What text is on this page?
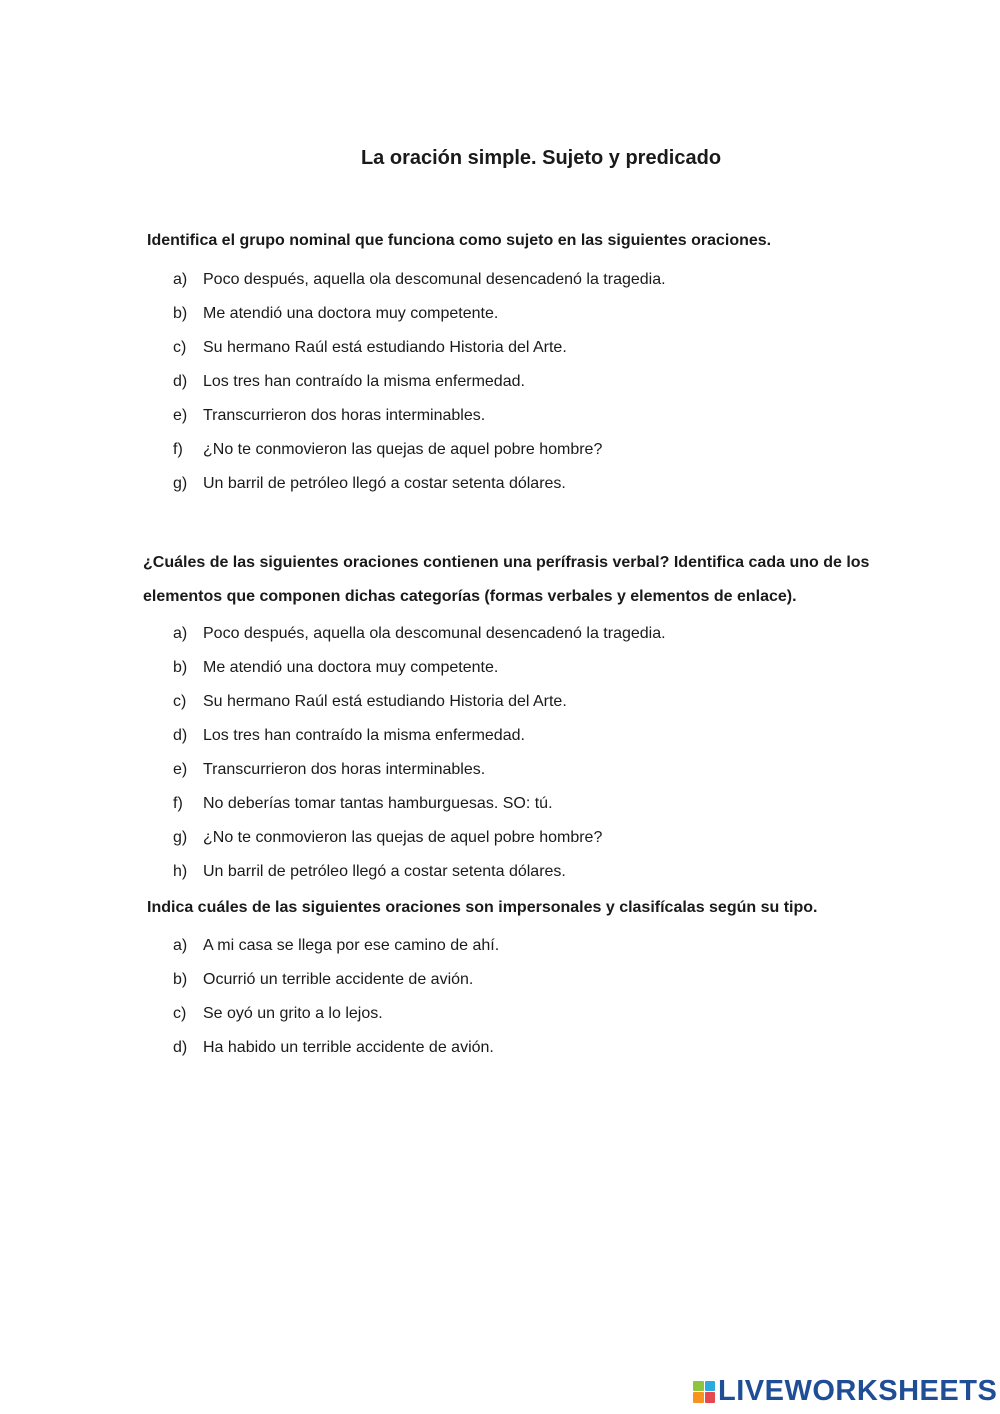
La oración simple. Sujeto y predicado

Identifica el grupo nominal que funciona como sujeto en las siguientes oraciones.

a) Poco después, aquella ola descomunal desencadenó la tragedia.
b) Me atendió una doctora muy competente.
c) Su hermano Raúl está estudiando Historia del Arte.
d) Los tres han contraído la misma enfermedad.
e) Transcurrieron dos horas interminables.
f) ¿No te conmovieron las quejas de aquel pobre hombre?
g) Un barril de petróleo llegó a costar setenta dólares.

¿Cuáles de las siguientes oraciones contienen una perífrasis verbal? Identifica cada uno de los elementos que componen dichas categorías (formas verbales y elementos de enlace).

a) Poco después, aquella ola descomunal desencadenó la tragedia.
b) Me atendió una doctora muy competente.
c) Su hermano Raúl está estudiando Historia del Arte.
d) Los tres han contraído la misma enfermedad.
e) Transcurrieron dos horas interminables.
f) No deberías tomar tantas hamburguesas. SO: tú.
g) ¿No te conmovieron las quejas de aquel pobre hombre?
h) Un barril de petróleo llegó a costar setenta dólares.

Indica cuáles de las siguientes oraciones son impersonales y clasifícalas según su tipo.

a) A mi casa se llega por ese camino de ahí.
b) Ocurrió un terrible accidente de avión.
c) Se oyó un grito a lo lejos.
d) Ha habido un terrible accidente de avión.
LIVEWORKSHEETS
